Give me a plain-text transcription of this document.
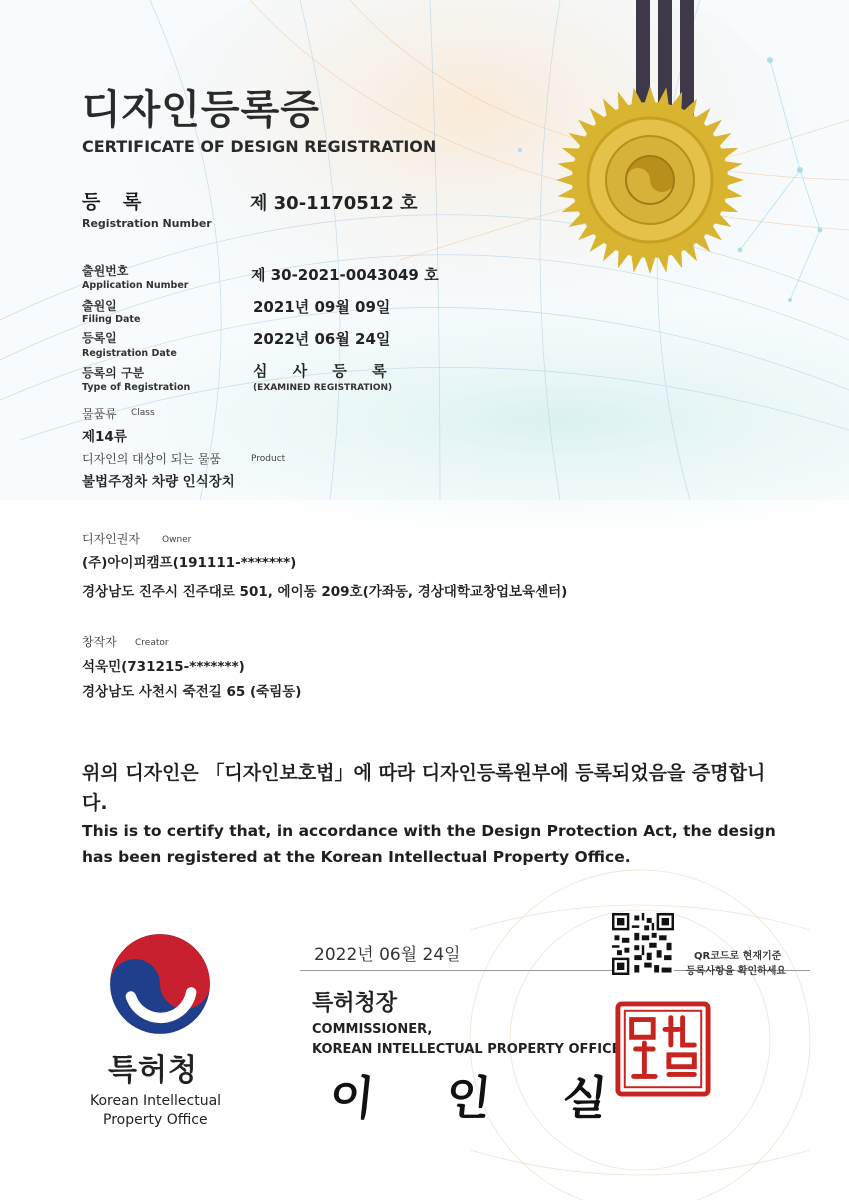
디자인등록증
CERTIFICATE OF DESIGN REGISTRATION
등 록
Registration Number
제 30-1170512 호
출원번호
Application Number
제 30-2021-0043049 호
출원일
Filing Date
2021년 09월 09일
등록일
Registration Date
2022년 06월 24일
등록의 구분
Type of Registration
심 사 등 록
(EXAMINED REGISTRATION)
물품류 Class
제14류
디자인의 대상이 되는 물품	Product
불법주정차 차량 인식장치
디자인권자 Owner
(주)아이피캠프(191111-*******)
경상남도 진주시 진주대로 501, 에이동 209호(가좌동, 경상대학교창업보육센터)
창작자 Creator
석욱민(731215-*******)
경상남도 사천시 죽전길 65 (죽림동)
위의 디자인은 「디자인보호법」에 따라 디자인등록원부에 등록되었음을 증명합니다.
This is to certify that, in accordance with the Design Protection Act, the design has been registered at the Korean Intellectual Property Office.
특허청
Korean Intellectual
Property Office
2022년 06월 24일
특허청장
COMMISSIONER,
KOREAN INTELLECTUAL PROPERTY OFFICE
이 인 실
QR코드로 현재기준
등록사항을 확인하세요
